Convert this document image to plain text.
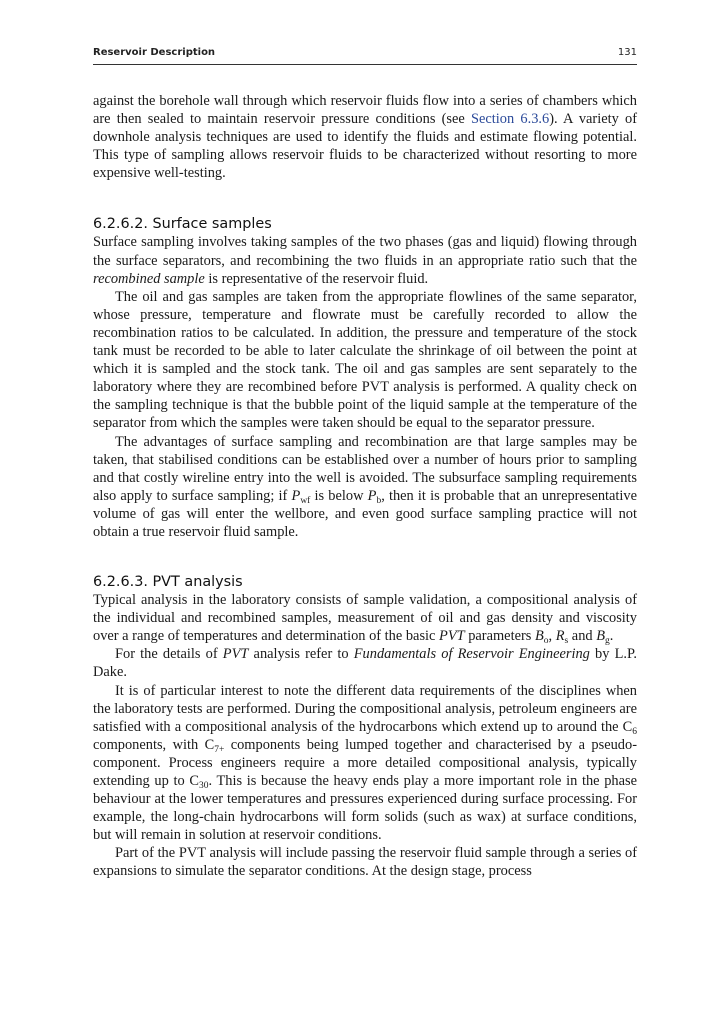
Reservoir Description	131

against the borehole wall through which reservoir fluids flow into a series of chambers which are then sealed to maintain reservoir pressure conditions (see Section 6.3.6). A variety of downhole analysis techniques are used to identify the fluids and estimate flowing potential. This type of sampling allows reservoir fluids to be characterized without resorting to more expensive well-testing.

6.2.6.2. Surface samples

Surface sampling involves taking samples of the two phases (gas and liquid) flowing through the surface separators, and recombining the two fluids in an appropriate ratio such that the recombined sample is representative of the reservoir fluid.

The oil and gas samples are taken from the appropriate flowlines of the same separator, whose pressure, temperature and flowrate must be carefully recorded to allow the recombination ratios to be calculated. In addition, the pressure and temperature of the stock tank must be recorded to be able to later calculate the shrinkage of oil between the point at which it is sampled and the stock tank. The oil and gas samples are sent separately to the laboratory where they are recombined before PVT analysis is performed. A quality check on the sampling technique is that the bubble point of the liquid sample at the temperature of the separator from which the samples were taken should be equal to the separator pressure.

The advantages of surface sampling and recombination are that large samples may be taken, that stabilised conditions can be established over a number of hours prior to sampling and that costly wireline entry into the well is avoided. The subsurface sampling requirements also apply to surface sampling; if $P_{wf}$ is below $P_b$, then it is probable that an unrepresentative volume of gas will enter the wellbore, and even good surface sampling practice will not obtain a true reservoir fluid sample.

6.2.6.3. PVT analysis

Typical analysis in the laboratory consists of sample validation, a compositional analysis of the individual and recombined samples, measurement of oil and gas density and viscosity over a range of temperatures and determination of the basic PVT parameters $B_o$, $R_s$ and $B_g$.

For the details of PVT analysis refer to Fundamentals of Reservoir Engineering by L.P. Dake.

It is of particular interest to note the different data requirements of the disciplines when the laboratory tests are performed. During the compositional analysis, petroleum engineers are satisfied with a compositional analysis of the hydrocarbons which extend up to around the $C_6$ components, with $C_{7+}$ components being lumped together and characterised by a pseudo-component. Process engineers require a more detailed compositional analysis, typically extending up to $C_{30}$. This is because the heavy ends play a more important role in the phase behaviour at the lower temperatures and pressures experienced during surface processing. For example, the long-chain hydrocarbons will form solids (such as wax) at surface conditions, but will remain in solution at reservoir conditions.

Part of the PVT analysis will include passing the reservoir fluid sample through a series of expansions to simulate the separator conditions. At the design stage, process
